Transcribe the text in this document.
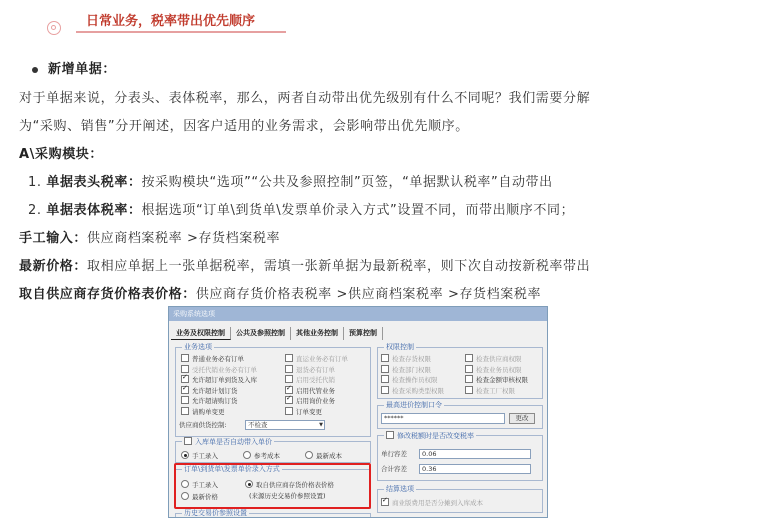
日常业务，税率带出优先顺序
新增单据：
对于单据来说，分表头、表体税率，那么，两者自动带出优先级别有什么不同呢？我们需要分解
为“采购、销售”分开阐述，因客户适用的业务需求，会影响带出优先顺序。
A\采购模块：
1. 单据表头税率：按采购模块“选项”“公共及参照控制”页签，“单据默认税率”自动带出
2. 单据表体税率：根据选项“订单\到货单\发票单价录入方式”设置不同，而带出顺序不同；
手工输入：供应商档案税率 >存货档案税率
最新价格：取相应单据上一张单据税率，需填一张新单据为最新税率，则下次自动按新税率带出
取自供应商存货价格表价格：供应商存货价格表税率 >供应商档案税率 >存货档案税率
采购系统选项
业务及权限控制	公共及参照控制	其他业务控制	预算控制
业务选项
供应商供货控制:	不检查	▼
入库单是否自动带入单价
订单\到货单\发票单价录入方式
历史交易价参照设置
权限控制
最高进价控制口令
******	更改
修改税额时是否改变税率
单行容差	0.06
合计容差	0.36
结算选项
✓商业版费用是否分摊到入库成本
普通业务必有订单	直运业务必有订单
受托代销业务必有订单	退货必有订单
✓允许超订单到货及入库	启用受托代销
✓允许超计划订货 ✓	启用代管业务
允许超请购订货 ✓	启用询价业务
请购单变更	订单变更
手工录入	参考成本	最新成本
手工录入	取自供应商存货价格表价格
最新价格	(来源历史交易价参照设置)
检查存货权限	检查供应商权限
检查部门权限	检查业务员权限
检查操作员权限	检查金额审核权限
检查采购类型权限	检查工厂权限
